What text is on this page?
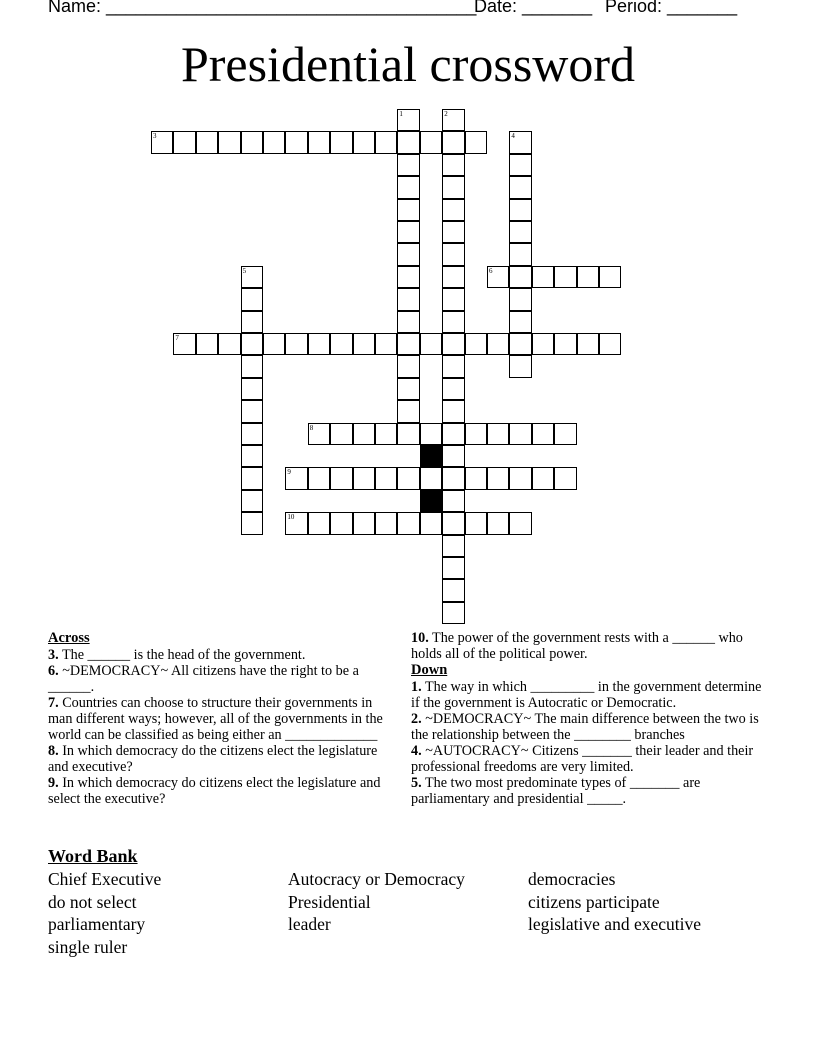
Name: _____________________________________
Date: _______ Period: _______
Presidential crossword
1	2
3	4
5	6
7
8
9
10
Across
3. The ______ is the head of the government.
6. ~DEMOCRACY~ All citizens have the right to be a ______.
7. Countries can choose to structure their governments in man different ways; however, all of the governments in the world can be classified as being either an _____________
8. In which democracy do the citizens elect the legislature and executive?
9. In which democracy do citizens elect the legislature and select the executive?
10. The power of the government rests with a ______ who holds all of the political power.
Down
1. The way in which _________ in the government determine if the government is Autocratic or Democratic.
2. ~DEMOCRACY~ The main difference between the two is the relationship between the ________ branches
4. ~AUTOCRACY~ Citizens _______ their leader and their professional freedoms are very limited.
5. The two most predominate types of _______ are parliamentary and presidential _____.
Word Bank
Chief Executive	Autocracy or Democracy	democracies
do not select	Presidential	citizens participate
parliamentary	leader	legislative and executive
single ruler
